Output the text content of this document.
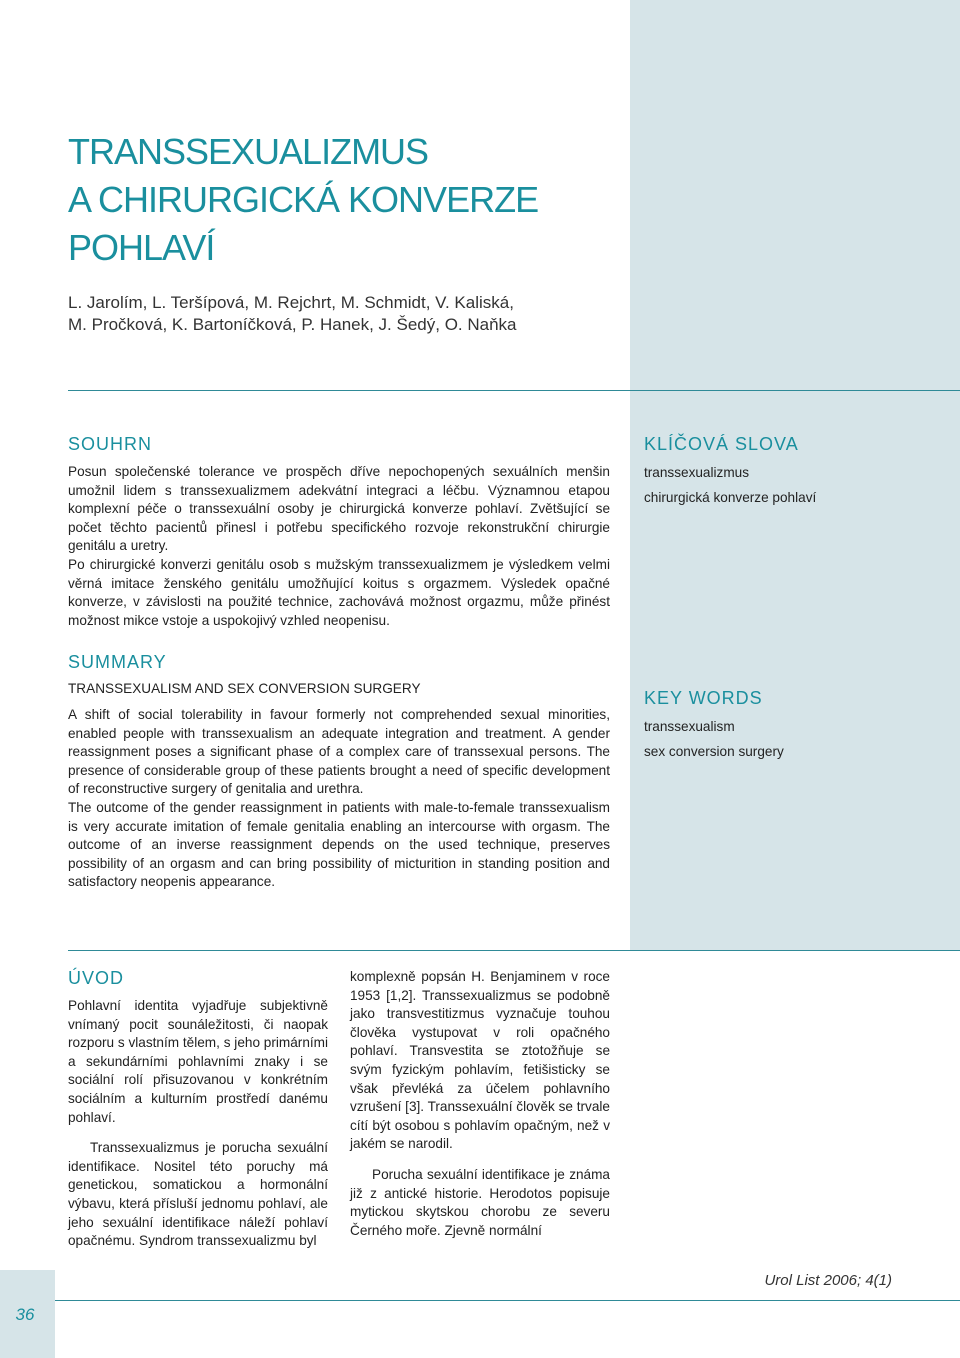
TRANSSEXUALIZMUS
A CHIRURGICKÁ KONVERZE
POHLAVÍ
L. Jarolím, L. Teršípová, M. Rejchrt, M. Schmidt, V. Kaliská,
M. Pročková, K. Bartoníčková, P. Hanek, J. Šedý, O. Naňka
SOUHRN

Posun společenské tolerance ve prospěch dříve nepochopených sexuálních menšin umožnil lidem s transsexualizmem adekvátní integraci a léčbu. Významnou etapou komplexní péče o transsexuální osoby je chirurgická konverze pohlaví. Zvětšující se počet těchto pacientů přinesl i potřebu specifického rozvoje rekonstrukční chirurgie genitálu a uretry.

Po chirurgické konverzi genitálu osob s mužským transsexualizmem je výsledkem velmi věrná imitace ženského genitálu umožňující koitus s orgazmem. Výsledek opačné konverze, v závislosti na použité technice, zachovává možnost orgazmu, může přinést možnost mikce vstoje a uspokojivý vzhled neopenisu.

KLÍČOVÁ SLOVA

transsexualizmus

chirurgická konverze pohlaví

SUMMARY
TRANSSEXUALISM AND SEX CONVERSION SURGERY

A shift of social tolerability in favour formerly not comprehended sexual minorities, enabled people with transsexualism an adequate integration and treatment. A gender reassignment poses a significant phase of a complex care of transsexual persons. The presence of considerable group of these patients brought a need of specific development of reconstructive surgery of genitalia and urethra.

The outcome of the gender reassignment in patients with male-to-female transsexualism is very accurate imitation of female genitalia enabling an intercourse with orgasm. The outcome of an inverse reassignment depends on the used technique, preserves possibility of an orgasm and can bring possibility of micturition in standing position and satisfactory neopenis appearance.

KEY WORDS

transsexualism

sex conversion surgery

ÚVOD

Pohlavní identita vyjadřuje subjektivně vnímaný pocit sounáležitosti, či naopak rozporu s vlastním tělem, s jeho primárními a sekundárními pohlavními znaky i se sociální rolí přisuzovanou v konkrétním sociálním a kulturním prostředí danému pohlaví.

Transsexualizmus je porucha sexuální identifikace. Nositel této poruchy má genetickou, somatickou a hormonální výbavu, která přísluší jednomu pohlaví, ale jeho sexuální identifikace náleží pohlaví opačnému. Syndrom transsexualizmu byl

komplexně popsán H. Benjaminem v roce 1953 [1,2]. Transsexualizmus se podobně jako transvestitizmus vyznačuje touhou člověka vystupovat v roli opačného pohlaví. Transvestita se ztotožňuje se svým fyzickým pohlavím, fetišisticky se však převléká za účelem pohlavního vzrušení [3]. Transsexuální člověk se trvale cítí být osobou s pohlavím opačným, než v jakém se narodil.

Porucha sexuální identifikace je známa již z antické historie. Herodotos popisuje mytickou skytskou chorobu ze severu Černého moře. Zjevně normální

Urol List 2006; 4(1)
36
